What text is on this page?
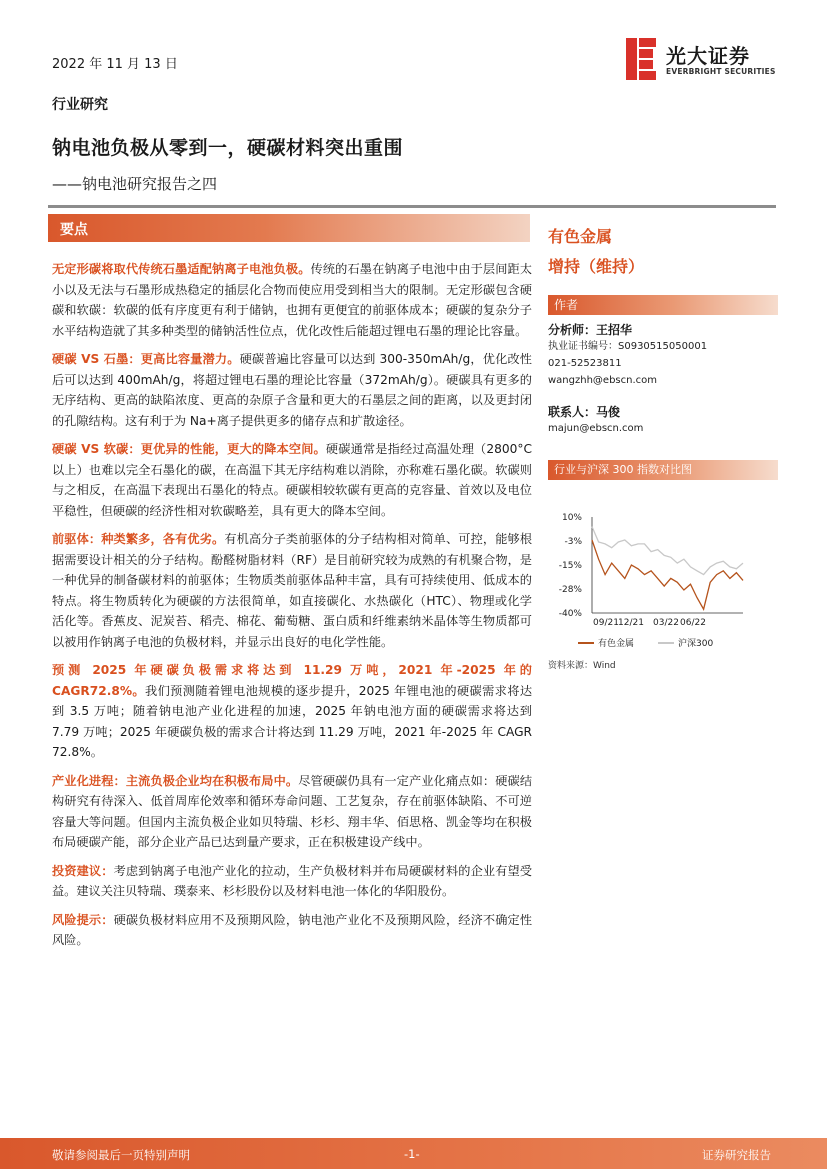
2022 年 11 月 13 日	光大证券
EVERBRIGHT SECURITIES
行业研究
钠电池负极从零到一，硬碳材料突出重围
——钠电池研究报告之四
要点

无定形碳将取代传统石墨适配钠离子电池负极。传统的石墨在钠离子电池中由于层间距太小以及无法与石墨形成热稳定的插层化合物而使应用受到相当大的限制。无定形碳包含硬碳和软碳：软碳的低有序度更有利于储钠，也拥有更便宜的前驱体成本；硬碳的复杂分子水平结构造就了其多种类型的储钠活性位点，优化改性后能超过锂电石墨的理论比容量。

硬碳 VS 石墨：更高比容量潜力。硬碳普遍比容量可以达到 300-350mAh/g，优化改性后可以达到 400mAh/g，将超过锂电石墨的理论比容量（372mAh/g）。硬碳具有更多的无序结构、更高的缺陷浓度、更高的杂原子含量和更大的石墨层之间的距离，以及更封闭的孔隙结构。这有利于为 Na+离子提供更多的储存点和扩散途径。

硬碳 VS 软碳：更优异的性能，更大的降本空间。硬碳通常是指经过高温处理（2800°C以上）也难以完全石墨化的碳，在高温下其无序结构难以消除，亦称难石墨化碳。软碳则与之相反，在高温下表现出石墨化的特点。硬碳相较软碳有更高的克容量、首效以及电位平稳性，但硬碳的经济性相对软碳略差，具有更大的降本空间。

前驱体：种类繁多，各有优劣。有机高分子类前驱体的分子结构相对简单、可控，能够根据需要设计相关的分子结构。酚醛树脂材料（RF）是目前研究较为成熟的有机聚合物，是一种优异的制备碳材料的前驱体；生物质类前驱体品种丰富，具有可持续使用、低成本的特点。将生物质转化为硬碳的方法很简单，如直接碳化、水热碳化（HTC）、物理或化学活化等。香蕉皮、泥炭苔、稻壳、棉花、葡萄糖、蛋白质和纤维素纳米晶体等生物质都可以被用作钠离子电池的负极材料，并显示出良好的电化学性能。

预测 2025 年硬碳负极需求将达到 11.29 万吨，2021 年-2025 年的 CAGR72.8%。我们预测随着锂电池规模的逐步提升，2025 年锂电池的硬碳需求将达到 3.5 万吨；随着钠电池产业化进程的加速，2025 年钠电池方面的硬碳需求将达到 7.79 万吨；2025 年硬碳负极的需求合计将达到 11.29 万吨，2021 年-2025 年 CAGR 72.8%。

产业化进程：主流负极企业均在积极布局中。尽管硬碳仍具有一定产业化痛点如：硬碳结构研究有待深入、低首周库伦效率和循环寿命问题、工艺复杂，存在前驱体缺陷、不可逆容量大等问题。但国内主流负极企业如贝特瑞、杉杉、翔丰华、佰思格、凯金等均在积极布局硬碳产能，部分企业产品已达到量产要求，正在积极建设产线中。

投资建议：考虑到钠离子电池产业化的拉动，生产负极材料并布局硬碳材料的企业有望受益。建议关注贝特瑞、璞泰来、杉杉股份以及材料电池一体化的华阳股份。

风险提示：硬碳负极材料应用不及预期风险，钠电池产业化不及预期风险，经济不确定性风险。

有色金属
增持（维持）
作者
分析师：王招华
执业证书编号：S0930515050001
021-52523811
wangzhh@ebscn.com
联系人：马俊
majun@ebscn.com
行业与沪深 300 指数对比图
10%
-3%
-15%
-28%
-40%
09/21 12/21 03/22 06/22
有色金属	沪深300
资料来源：Wind
敬请参阅最后一页特别声明	-1-	证券研究报告
